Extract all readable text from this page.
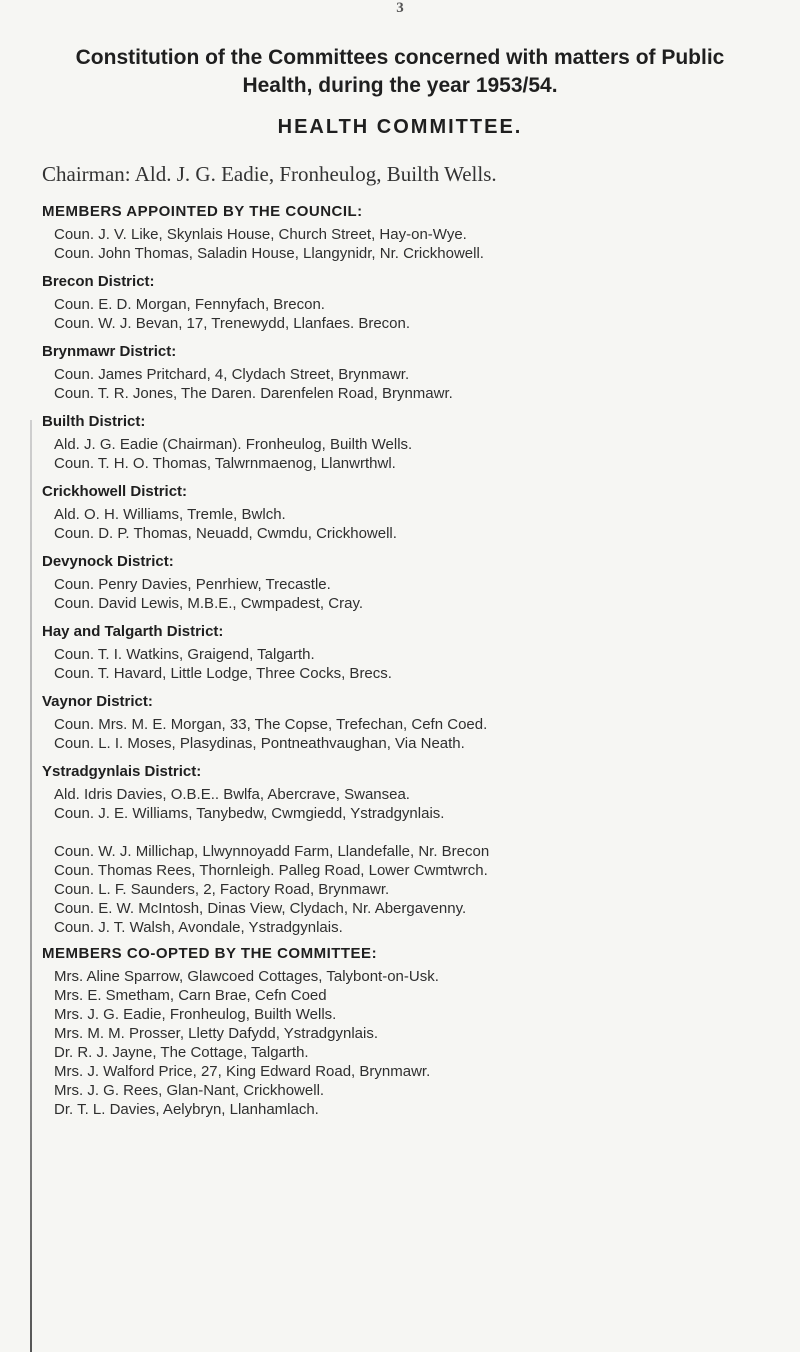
3
Constitution of the Committees concerned with matters of Public
Health, during the year 1953/54.
HEALTH COMMITTEE.
Chairman: Ald. J. G. Eadie, Fronheulog, Builth Wells.
MEMBERS APPOINTED BY THE COUNCIL:
Coun. J. V. Like, Skynlais House, Church Street, Hay-on-Wye.
Coun. John Thomas, Saladin House, Llangynidr, Nr. Crickhowell.
Brecon District:
Coun. E. D. Morgan, Fennyfach, Brecon.
Coun. W. J. Bevan, 17, Trenewydd, Llanfaes. Brecon.
Brynmawr District:
Coun. James Pritchard, 4, Clydach Street, Brynmawr.
Coun. T. R. Jones, The Daren. Darenfelen Road, Brynmawr.
Builth District:
Ald. J. G. Eadie (Chairman). Fronheulog, Builth Wells.
Coun. T. H. O. Thomas, Talwrnmaenog, Llanwrthwl.
Crickhowell District:
Ald. O. H. Williams, Tremle, Bwlch.
Coun. D. P. Thomas, Neuadd, Cwmdu, Crickhowell.
Devynock District:
Coun. Penry Davies, Penrhiew, Trecastle.
Coun. David Lewis, M.B.E., Cwmpadest, Cray.
Hay and Talgarth District:
Coun. T. I. Watkins, Graigend, Talgarth.
Coun. T. Havard, Little Lodge, Three Cocks, Brecs.
Vaynor District:
Coun. Mrs. M. E. Morgan, 33, The Copse, Trefechan, Cefn Coed.
Coun. L. I. Moses, Plasydinas, Pontneathvaughan, Via Neath.
Ystradgynlais District:
Ald. Idris Davies, O.B.E.. Bwlfa, Abercrave, Swansea.
Coun. J. E. Williams, Tanybedw, Cwmgiedd, Ystradgynlais.
Coun. W. J. Millichap, Llwynnoyadd Farm, Llandefalle, Nr. Brecon
Coun. Thomas Rees, Thornleigh. Palleg Road, Lower Cwmtwrch.
Coun. L. F. Saunders, 2, Factory Road, Brynmawr.
Coun. E. W. McIntosh, Dinas View, Clydach, Nr. Abergavenny.
Coun. J. T. Walsh, Avondale, Ystradgynlais.
MEMBERS CO-OPTED BY THE COMMITTEE:
Mrs. Aline Sparrow, Glawcoed Cottages, Talybont-on-Usk.
Mrs. E. Smetham, Carn Brae, Cefn Coed
Mrs. J. G. Eadie, Fronheulog, Builth Wells.
Mrs. M. M. Prosser, Lletty Dafydd, Ystradgynlais.
Dr. R. J. Jayne, The Cottage, Talgarth.
Mrs. J. Walford Price, 27, King Edward Road, Brynmawr.
Mrs. J. G. Rees, Glan-Nant, Crickhowell.
Dr. T. L. Davies, Aelybryn, Llanhamlach.
